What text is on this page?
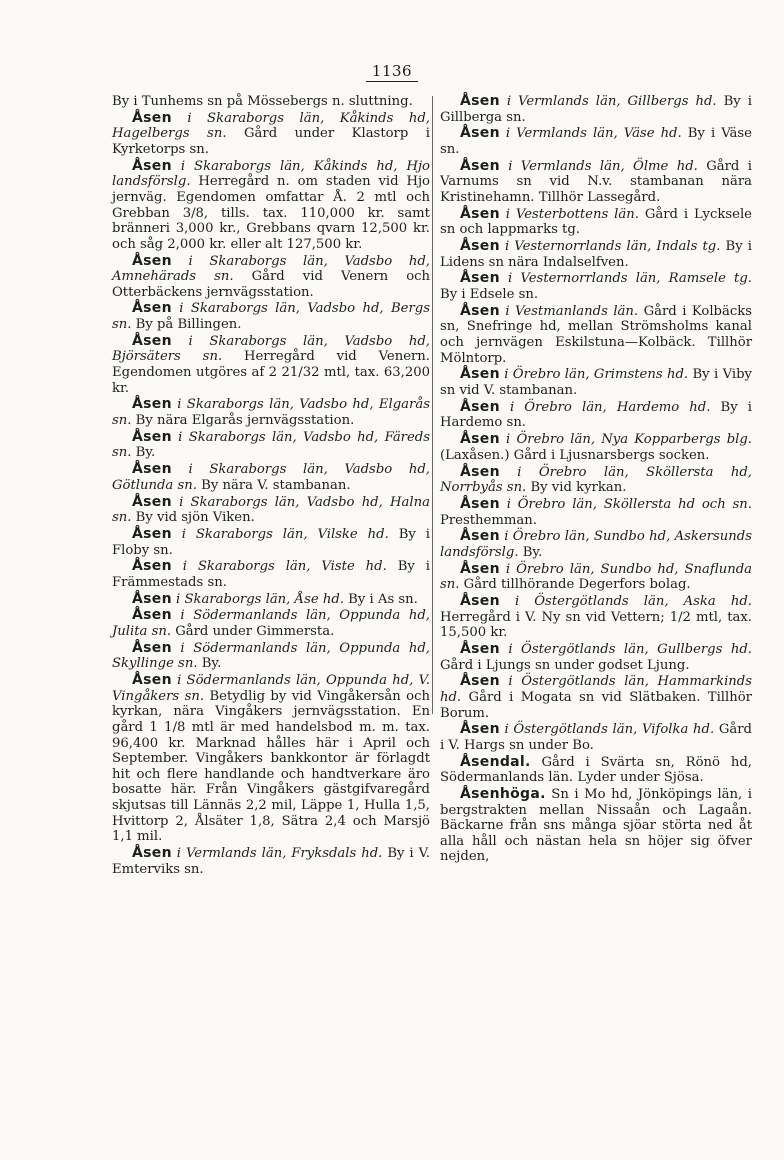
1136

By i Tunhems sn på Mössebergs n. sluttning.

Åsen i Skaraborgs län, Kåkinds hd, Hagelbergs sn. Gård under Klastorp i Kyrketorps sn.

Åsen i Skaraborgs län, Kåkinds hd, Hjo landsförslg. Herregård n. om staden vid Hjo jernväg. Egendomen omfattar Å. 2 mtl och Grebban 3/8, tills. tax. 110,000 kr. samt bränneri 3,000 kr., Grebbans qvarn 12,500 kr. och såg 2,000 kr. eller alt 127,500 kr.

Åsen i Skaraborgs län, Vadsbo hd, Amnehärads sn. Gård vid Venern och Otterbäckens jernvägsstation.

Åsen i Skaraborgs län, Vadsbo hd, Bergs sn. By på Billingen.

Åsen i Skaraborgs län, Vadsbo hd, Björsäters sn. Herregård vid Venern. Egendomen utgöres af 2 21/32 mtl, tax. 63,200 kr.

Åsen i Skaraborgs län, Vadsbo hd, Elgarås sn. By nära Elgarås jernvägsstation.

Åsen i Skaraborgs län, Vadsbo hd, Färeds sn. By.

Åsen i Skaraborgs län, Vadsbo hd, Götlunda sn. By nära V. stambanan.

Åsen i Skaraborgs län, Vadsbo hd, Halna sn. By vid sjön Viken.

Åsen i Skaraborgs län, Vilske hd. By i Floby sn.

Åsen i Skaraborgs län, Viste hd. By i Främmestads sn.

Åsen i Skaraborgs län, Åse hd. By i As sn.

Åsen i Södermanlands län, Oppunda hd, Julita sn. Gård under Gimmersta.

Åsen i Södermanlands län, Oppunda hd, Skyllinge sn. By.

Åsen i Södermanlands län, Oppunda hd, V. Vingåkers sn. Betydlig by vid Vingåkersån och kyrkan, nära Vingåkers jernvägsstation. En gård 1 1/8 mtl är med handelsbod m. m. tax. 96,400 kr. Marknad hålles här i April och September. Vingåkers bankkontor är förlagdt hit och flere handlande och handtverkare äro bosatte här. Från Vingåkers gästgifvaregård skjutsas till Lännäs 2,2 mil, Läppe 1, Hulla 1,5, Hvittorp 2, Ålsäter 1,8, Sätra 2,4 och Marsjö 1,1 mil.

Åsen i Vermlands län, Fryksdals hd. By i V. Emterviks sn.

Åsen i Vermlands län, Gillbergs hd. By i Gillberga sn.

Åsen i Vermlands län, Väse hd. By i Väse sn.

Åsen i Vermlands län, Ölme hd. Gård i Varnums sn vid N.v. stambanan nära Kristinehamn. Tillhör Lassegård.

Åsen i Vesterbottens län. Gård i Lycksele sn och lappmarks tg.

Åsen i Vesternorrlands län, Indals tg. By i Lidens sn nära Indalselfven.

Åsen i Vesternorrlands län, Ramsele tg. By i Edsele sn.

Åsen i Vestmanlands län. Gård i Kolbäcks sn, Snefringe hd, mellan Strömsholms kanal och jernvägen Eskilstuna—Kolbäck. Tillhör Mölntorp.

Åsen i Örebro län, Grimstens hd. By i Viby sn vid V. stambanan.

Åsen i Örebro län, Hardemo hd. By i Hardemo sn.

Åsen i Örebro län, Nya Kopparbergs blg. (Laxåsen.) Gård i Ljusnarsbergs socken.

Åsen i Örebro län, Sköllersta hd, Norrbyås sn. By vid kyrkan.

Åsen i Örebro län, Sköllersta hd och sn. Presthemman.

Åsen i Örebro län, Sundbo hd, Askersunds landsförslg. By.

Åsen i Örebro län, Sundbo hd, Snaflunda sn. Gård tillhörande Degerfors bolag.

Åsen i Östergötlands län, Aska hd. Herregård i V. Ny sn vid Vettern; 1/2 mtl, tax. 15,500 kr.

Åsen i Östergötlands län, Gullbergs hd. Gård i Ljungs sn under godset Ljung.

Åsen i Östergötlands län, Hammarkinds hd. Gård i Mogata sn vid Slätbaken. Tillhör Borum.

Åsen i Östergötlands län, Vifolka hd. Gård i V. Hargs sn under Bo.

Åsendal. Gård i Svärta sn, Rönö hd, Södermanlands län. Lyder under Sjösa.

Åsenhöga. Sn i Mo hd, Jönköpings län, i bergstrakten mellan Nissaån och Lagaån. Bäckarne från sns många sjöar störta ned åt alla håll och nästan hela sn höjer sig öfver nejden,
